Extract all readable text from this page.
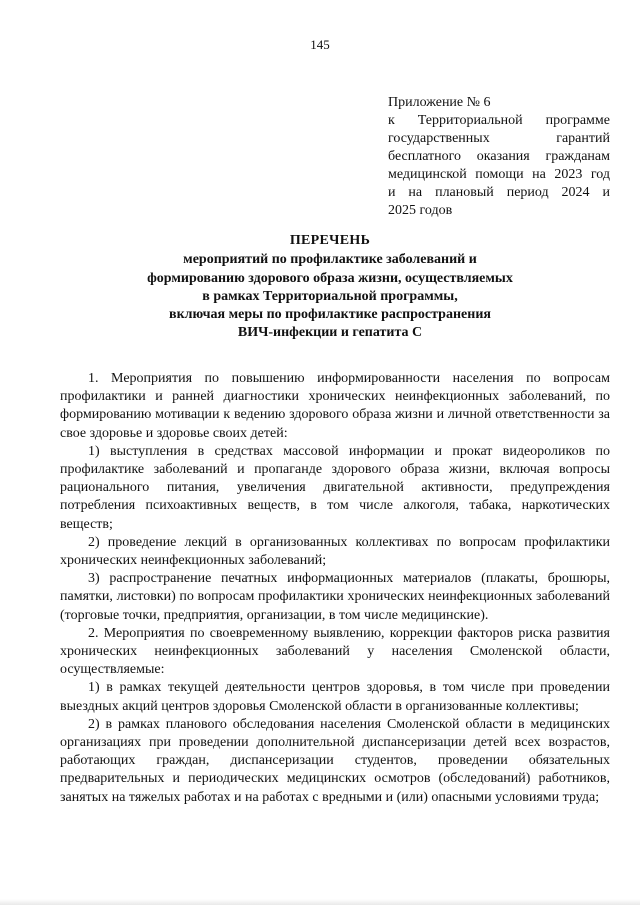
145
Приложение № 6
к Территориальной программе
государственных гарантий
бесплатного оказания гражданам
медицинской помощи на 2023 год
и на плановый период 2024 и
2025 годов
ПЕРЕЧЕНЬ
мероприятий по профилактике заболеваний и
формированию здорового образа жизни, осуществляемых
в рамках Территориальной программы,
включая меры по профилактике распространения
ВИЧ-инфекции и гепатита С

1. Мероприятия по повышению информированности населения по вопросам профилактики и ранней диагностики хронических неинфекционных заболеваний, по формированию мотивации к ведению здорового образа жизни и личной ответственности за свое здоровье и здоровье своих детей:

1) выступления в средствах массовой информации и прокат видеороликов по профилактике заболеваний и пропаганде здорового образа жизни, включая вопросы рационального питания, увеличения двигательной активности, предупреждения потребления психоактивных веществ, в том числе алкоголя, табака, наркотических веществ;

2) проведение лекций в организованных коллективах по вопросам профилактики хронических неинфекционных заболеваний;

3) распространение печатных информационных материалов (плакаты, брошюры, памятки, листовки) по вопросам профилактики хронических неинфекционных заболеваний (торговые точки, предприятия, организации, в том числе медицинские).

2. Мероприятия по своевременному выявлению, коррекции факторов риска развития хронических неинфекционных заболеваний у населения Смоленской области, осуществляемые:

1) в рамках текущей деятельности центров здоровья, в том числе при проведении выездных акций центров здоровья Смоленской области в организованные коллективы;

2) в рамках планового обследования населения Смоленской области в медицинских организациях при проведении дополнительной диспансеризации детей всех возрастов, работающих граждан, диспансеризации студентов, проведении обязательных предварительных и периодических медицинских осмотров (обследований) работников, занятых на тяжелых работах и на работах с вредными и (или) опасными условиями труда;
